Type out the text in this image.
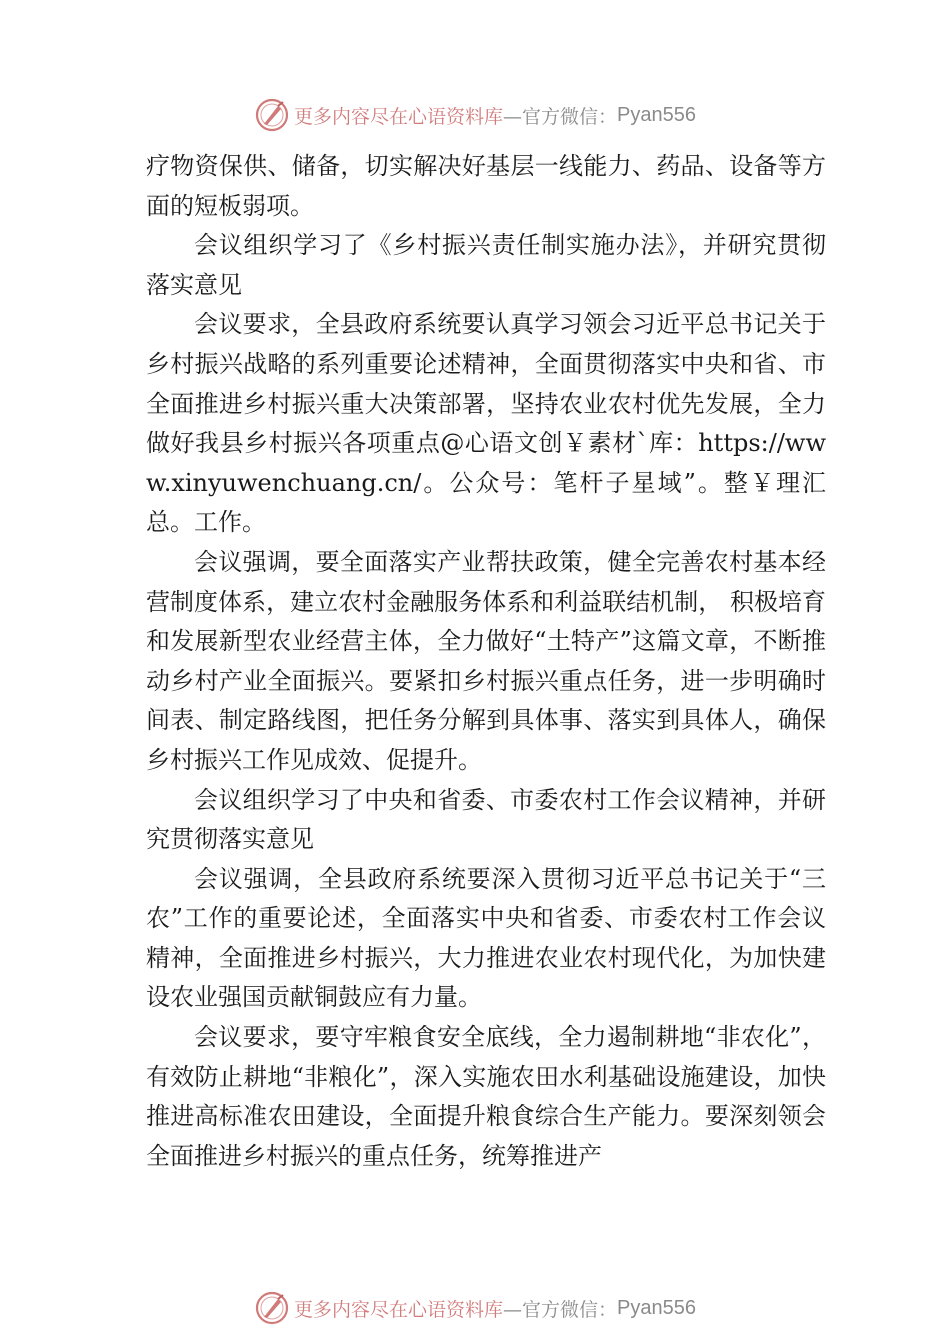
更多内容尽在心语资料库 —官方微信： Pyan556

疗物资保供、储备，切实解决好基层一线能力、药品、设备等方面的短板弱项。

会议组织学习了《乡村振兴责任制实施办法》，并研究贯彻落实意见

会议要求，全县政府系统要认真学习领会习近平总书记关于乡村振兴战略的系列重要论述精神，全面贯彻落实中央和省、市全面推进乡村振兴重大决策部署，坚持农业农村优先发展，全力做好我县乡村振兴各项重点@心语文创￥素材`库：https://www.xinyuwenchuang.cn/。公众号：笔杆子星域”。整￥理汇总。工作。

会议强调，要全面落实产业帮扶政策，健全完善农村基本经营制度体系，建立农村金融服务体系和利益联结机制， 积极培育和发展新型农业经营主体，全力做好“土特产”这篇文章，不断推动乡村产业全面振兴。要紧扣乡村振兴重点任务，进一步明确时间表、制定路线图，把任务分解到具体事、落实到具体人，确保乡村振兴工作见成效、促提升。

会议组织学习了中央和省委、市委农村工作会议精神，并研究贯彻落实意见

会议强调，全县政府系统要深入贯彻习近平总书记关于“三农”工作的重要论述，全面落实中央和省委、市委农村工作会议精神，全面推进乡村振兴，大力推进农业农村现代化，为加快建设农业强国贡献铜鼓应有力量。

会议要求，要守牢粮食安全底线，全力遏制耕地“非农化”，有效防止耕地“非粮化”，深入实施农田水利基础设施建设，加快推进高标准农田建设，全面提升粮食综合生产能力。要深刻领会全面推进乡村振兴的重点任务，统筹推进产

更多内容尽在心语资料库 —官方微信： Pyan556
